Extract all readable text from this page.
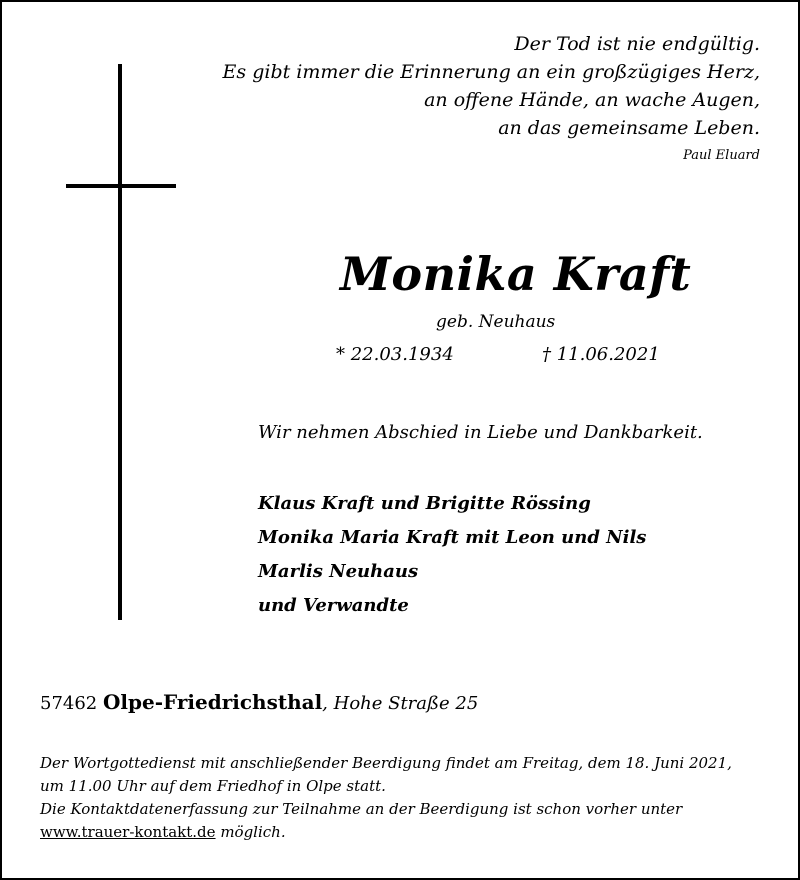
Der Tod ist nie endgültig.
Es gibt immer die Erinnerung an ein großzügiges Herz,
an offene Hände, an wache Augen,
an das gemeinsame Leben.
Paul Eluard
Monika Kraft
geb. Neuhaus
* 22.03.1934	† 11.06.2021
Wir nehmen Abschied in Liebe und Dankbarkeit.
Klaus Kraft und Brigitte Rössing
Monika Maria Kraft mit Leon und Nils
Marlis Neuhaus
und Verwandte
57462 Olpe-Friedrichsthal, Hohe Straße 25

Der Wortgottedienst mit anschließender Beerdigung findet am Freitag, dem 18. Juni 2021,

um 11.00 Uhr auf dem Friedhof in Olpe statt.

Die Kontaktdatenerfassung zur Teilnahme an der Beerdigung ist schon vorher unter

www.trauer-kontakt.de möglich.
